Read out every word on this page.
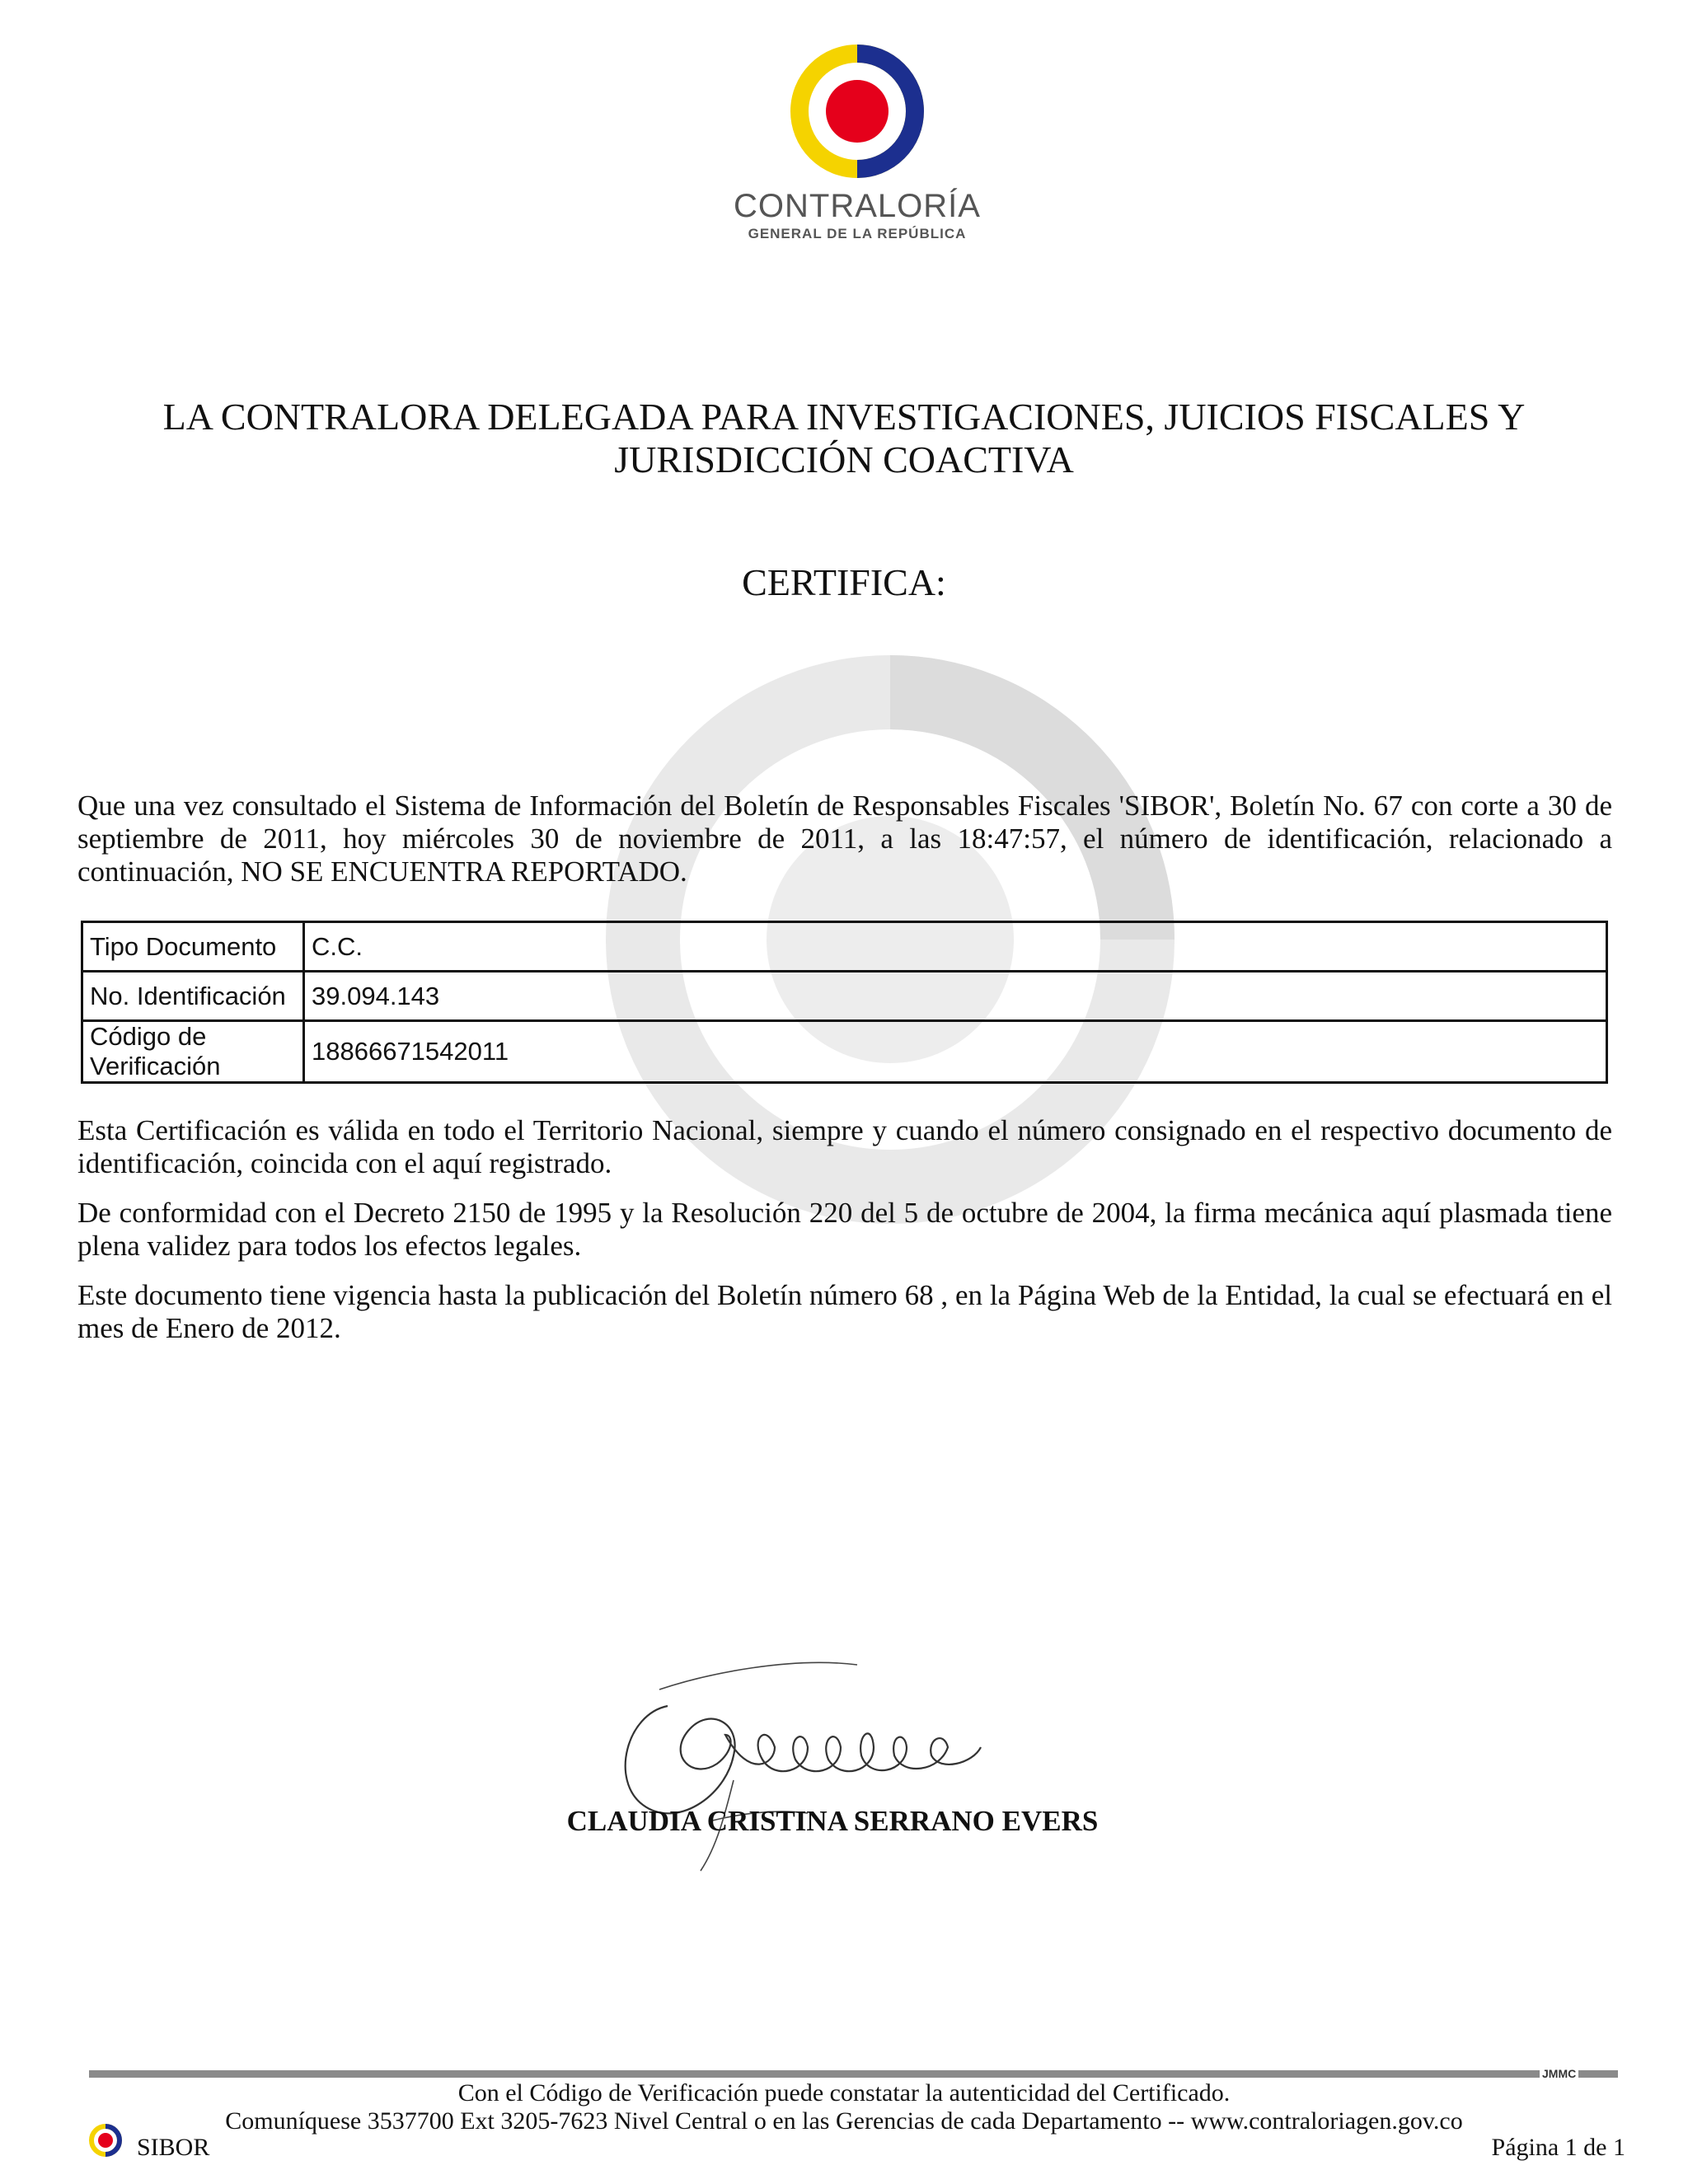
CONTRALORÍA
GENERAL DE LA REPÚBLICA
LA CONTRALORA DELEGADA PARA INVESTIGACIONES, JUICIOS FISCALES Y
JURISDICCIÓN COACTIVA
CERTIFICA:
Que una vez consultado el Sistema de Información del Boletín de Responsables Fiscales 'SIBOR', Boletín No. 67 con corte a 30 de septiembre de 2011, hoy miércoles 30 de noviembre de 2011, a las 18:47:57, el número de identificación, relacionado a continuación, NO SE ENCUENTRA REPORTADO.
Tipo Documento	C.C.
No. Identificación	39.094.143
Código de Verificación	18866671542011
Esta Certificación es válida en todo el Territorio Nacional, siempre y cuando el número consignado en el respectivo documento de identificación, coincida con el aquí registrado.
De conformidad con el Decreto 2150 de 1995 y la Resolución 220 del 5 de octubre de 2004, la firma mecánica aquí plasmada tiene plena validez para todos los efectos legales.
Este documento tiene vigencia hasta la publicación del Boletín número 68 , en la Página Web de la Entidad, la cual se efectuará en el mes de Enero de 2012.
CLAUDIA CRISTINA SERRANO EVERS
JMMC
Con el Código de Verificación puede constatar la autenticidad del Certificado.
Comuníquese 3537700 Ext 3205-7623 Nivel Central o en las Gerencias de cada Departamento -- www.contraloriagen.gov.co
SIBOR	Página 1 de 1
